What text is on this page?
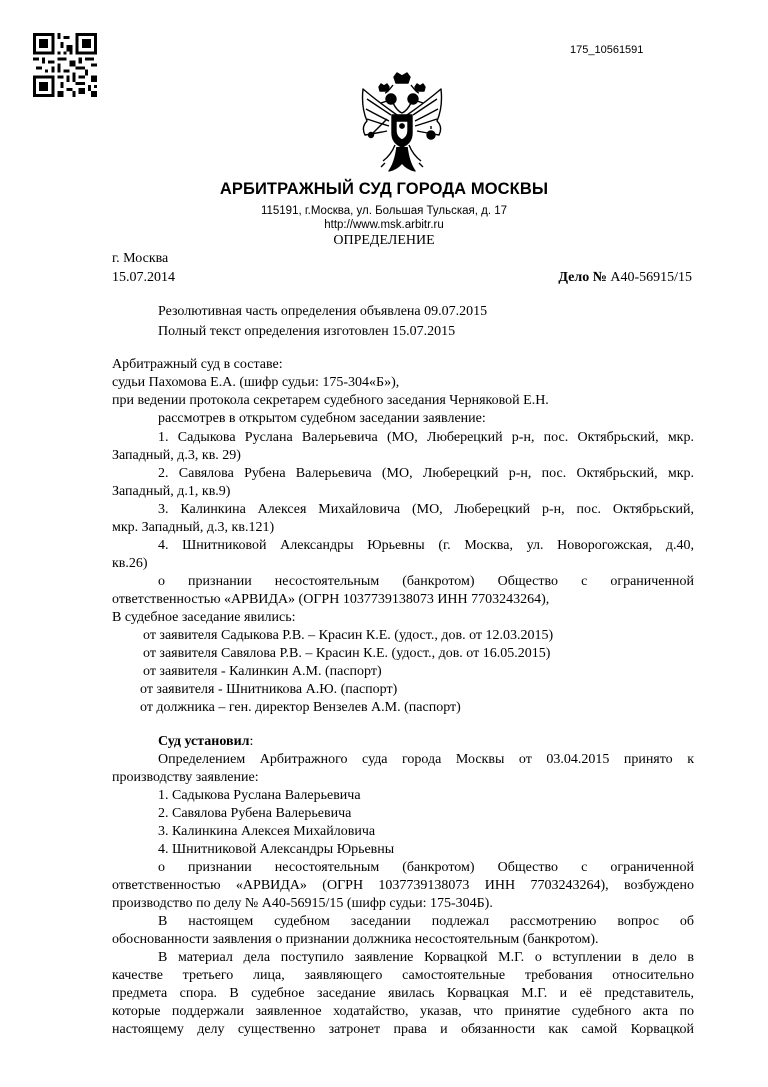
175_10561591
АРБИТРАЖНЫЙ СУД ГОРОДА МОСКВЫ
115191, г.Москва, ул. Большая Тульская, д. 17
http://www.msk.arbitr.ru
ОПРЕДЕЛЕНИЕ
г. Москва
15.07.2014	Дело № А40-56915/15
Резолютивная часть определения объявлена 09.07.2015
Полный текст определения изготовлен 15.07.2015
Арбитражный суд в составе:
судьи Пахомова Е.А. (шифр судьи: 175-304«Б»),
при ведении протокола секретарем судебного заседания Черняковой Е.Н.
рассмотрев в открытом судебном заседании заявление:
1. Садыкова Руслана Валерьевича (МО, Люберецкий р-н, пос. Октябрьский, мкр.
Западный, д.3, кв. 29)
2. Савялова Рубена Валерьевича (МО, Люберецкий р-н, пос. Октябрьский, мкр.
Западный, д.1, кв.9)
3. Калинкина Алексея Михайловича (МО, Люберецкий р-н, пос. Октябрьский,
мкр. Западный, д.3, кв.121)
4. Шнитниковой Александры Юрьевны (г. Москва, ул. Новорогожская, д.40,
кв.26)
о признании несостоятельным (банкротом) Общество с ограниченной
ответственностью «АРВИДА» (ОГРН 1037739138073 ИНН 7703243264),
В судебное заседание явились:
от заявителя Садыкова Р.В. – Красин К.Е. (удост., дов. от 12.03.2015)
от заявителя Савялова Р.В. – Красин К.Е. (удост., дов. от 16.05.2015)
от заявителя - Калинкин А.М. (паспорт)
от заявителя - Шнитникова А.Ю. (паспорт)
от должника – ген. директор Вензелев А.М. (паспорт)
Суд установил:
Определением Арбитражного суда города Москвы от 03.04.2015 принято к
производству заявление:
1. Садыкова Руслана Валерьевича
2. Савялова Рубена Валерьевича
3. Калинкина Алексея Михайловича
4. Шнитниковой Александры Юрьевны
о признании несостоятельным (банкротом) Общество с ограниченной
ответственностью «АРВИДА» (ОГРН 1037739138073 ИНН 7703243264), возбуждено
производство по делу № А40-56915/15 (шифр судьи: 175-304Б).
В настоящем судебном заседании подлежал рассмотрению вопрос об
обоснованности заявления о признании должника несостоятельным (банкротом).
В материал дела поступило заявление Корвацкой М.Г. о вступлении в дело в
качестве третьего лица, заявляющего самостоятельные требования относительно
предмета спора. В судебное заседание явилась Корвацкая М.Г. и её представитель,
которые поддержали заявленное ходатайство, указав, что принятие судебного акта по
настоящему делу существенно затронет права и обязанности как самой Корвацкой
